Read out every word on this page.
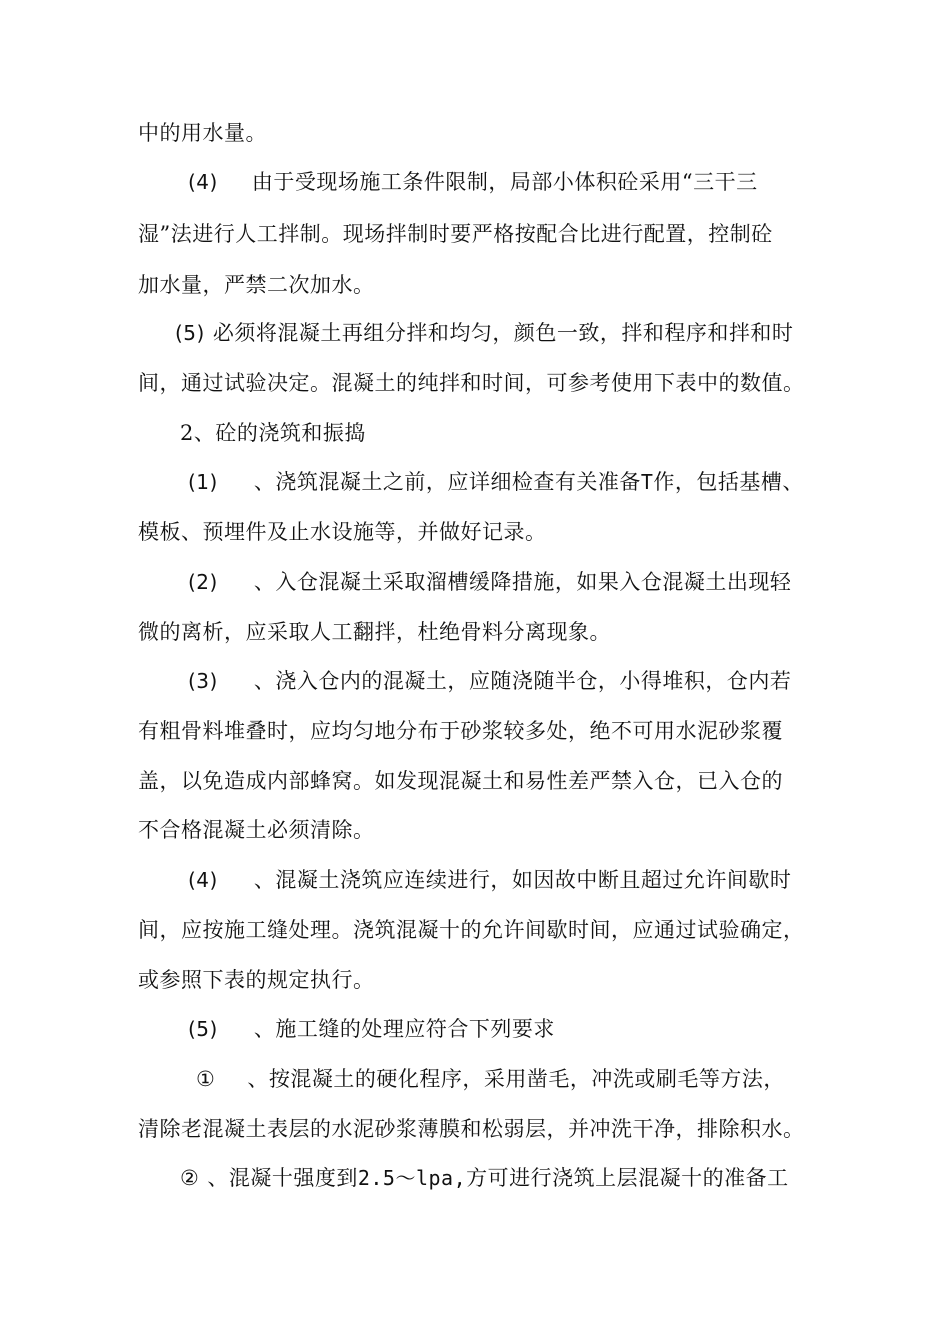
中的用水量。
(4) 由于受现场施工条件限制，局部小体积砼采用“三干三
湿”法进行人工拌制。现场拌制时要严格按配合比进行配置，控制砼
加水量，严禁二次加水。
(5) 必须将混凝土再组分拌和均匀，颜色一致，拌和程序和拌和时
间，通过试验决定。混凝土的纯拌和时间，可参考使用下表中的数值。
2、砼的浇筑和振捣
(1) 、浇筑混凝土之前，应详细检查有关准备T作，包括基槽、
模板、预埋件及止水设施等，并做好记录。
(2) 、入仓混凝土采取溜槽缓降措施，如果入仓混凝土出现轻
微的离析，应采取人工翻拌，杜绝骨料分离现象。
(3) 、浇入仓内的混凝土，应随浇随半仓，小得堆积，仓内若
有粗骨料堆叠时，应均匀地分布于砂浆较多处，绝不可用水泥砂浆覆
盖，以免造成内部蜂窝。如发现混凝土和易性差严禁入仓，已入仓的
不合格混凝土必须清除。
(4) 、混凝土浇筑应连续进行，如因故中断且超过允许间歇时
间，应按施工缝处理。浇筑混凝十的允许间歇时间，应通过试验确定，
或参照下表的规定执行。
(5) 、施工缝的处理应符合下列要求
① 、按混凝土的硬化程序，采用凿毛，冲洗或刷毛等方法，
清除老混凝土表层的水泥砂浆薄膜和松弱层，并冲洗干净，排除积水。
② 、混凝十强度到2.5〜lpa,方可进行浇筑上层混凝十的准备工
